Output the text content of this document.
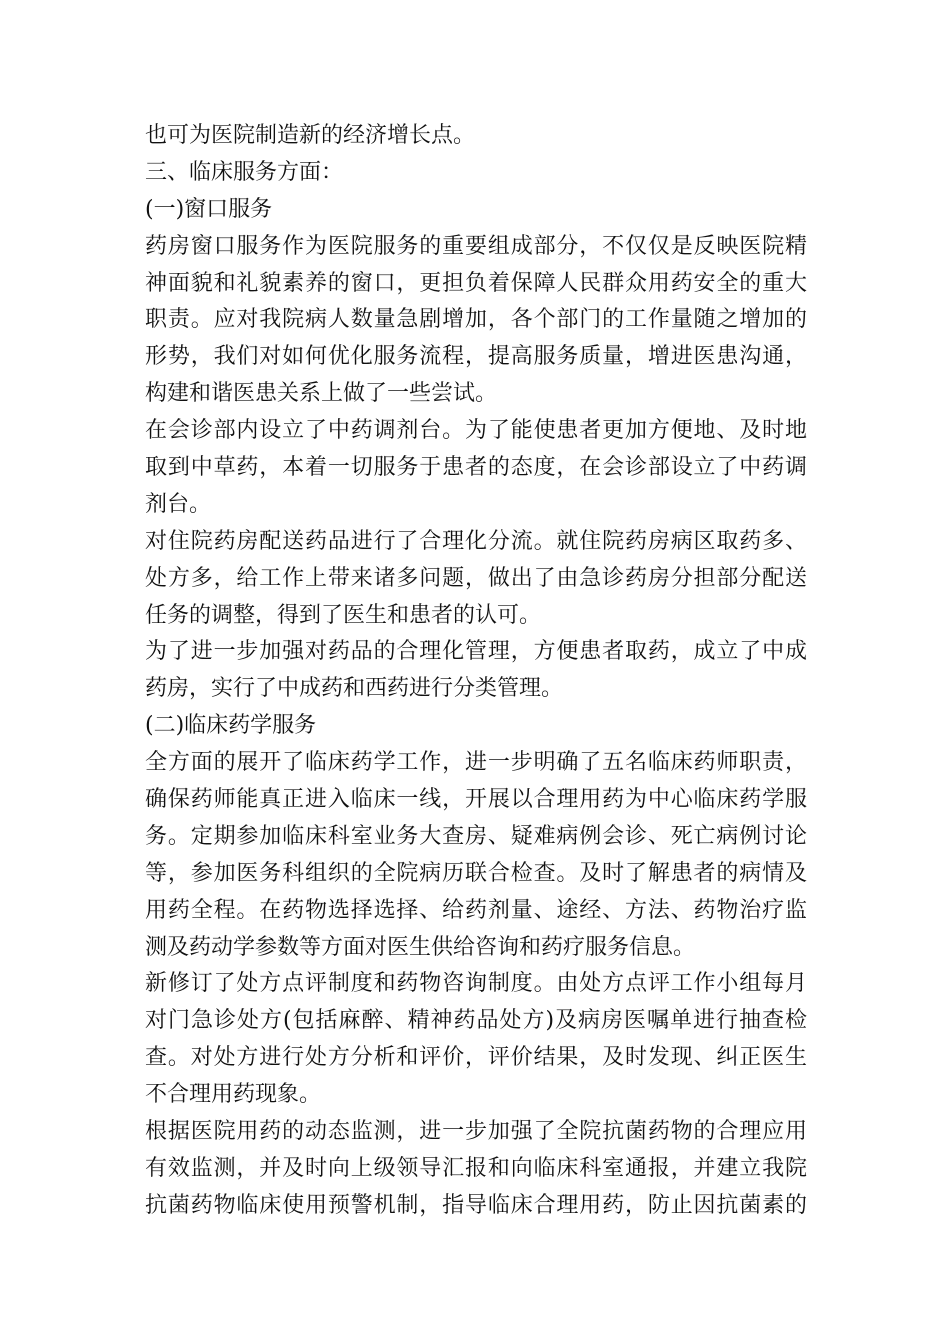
也可为医院制造新的经济增长点。
三、临床服务方面：
(一)窗口服务
药房窗口服务作为医院服务的重要组成部分，不仅仅是反映医院精
神面貌和礼貌素养的窗口，更担负着保障人民群众用药安全的重大
职责。应对我院病人数量急剧增加，各个部门的工作量随之增加的
形势，我们对如何优化服务流程，提高服务质量，增进医患沟通，
构建和谐医患关系上做了一些尝试。
在会诊部内设立了中药调剂台。为了能使患者更加方便地、及时地
取到中草药，本着一切服务于患者的态度，在会诊部设立了中药调
剂台。
对住院药房配送药品进行了合理化分流。就住院药房病区取药多、
处方多，给工作上带来诸多问题，做出了由急诊药房分担部分配送
任务的调整，得到了医生和患者的认可。
为了进一步加强对药品的合理化管理，方便患者取药，成立了中成
药房，实行了中成药和西药进行分类管理。
(二)临床药学服务
全方面的展开了临床药学工作，进一步明确了五名临床药师职责，
确保药师能真正进入临床一线，开展以合理用药为中心临床药学服
务。定期参加临床科室业务大查房、疑难病例会诊、死亡病例讨论
等，参加医务科组织的全院病历联合检查。及时了解患者的病情及
用药全程。在药物选择选择、给药剂量、途经、方法、药物治疗监
测及药动学参数等方面对医生供给咨询和药疗服务信息。
新修订了处方点评制度和药物咨询制度。由处方点评工作小组每月
对门急诊处方(包括麻醉、精神药品处方)及病房医嘱单进行抽查检
查。对处方进行处方分析和评价，评价结果，及时发现、纠正医生
不合理用药现象。
根据医院用药的动态监测，进一步加强了全院抗菌药物的合理应用
有效监测，并及时向上级领导汇报和向临床科室通报，并建立我院
抗菌药物临床使用预警机制，指导临床合理用药，防止因抗菌素的
